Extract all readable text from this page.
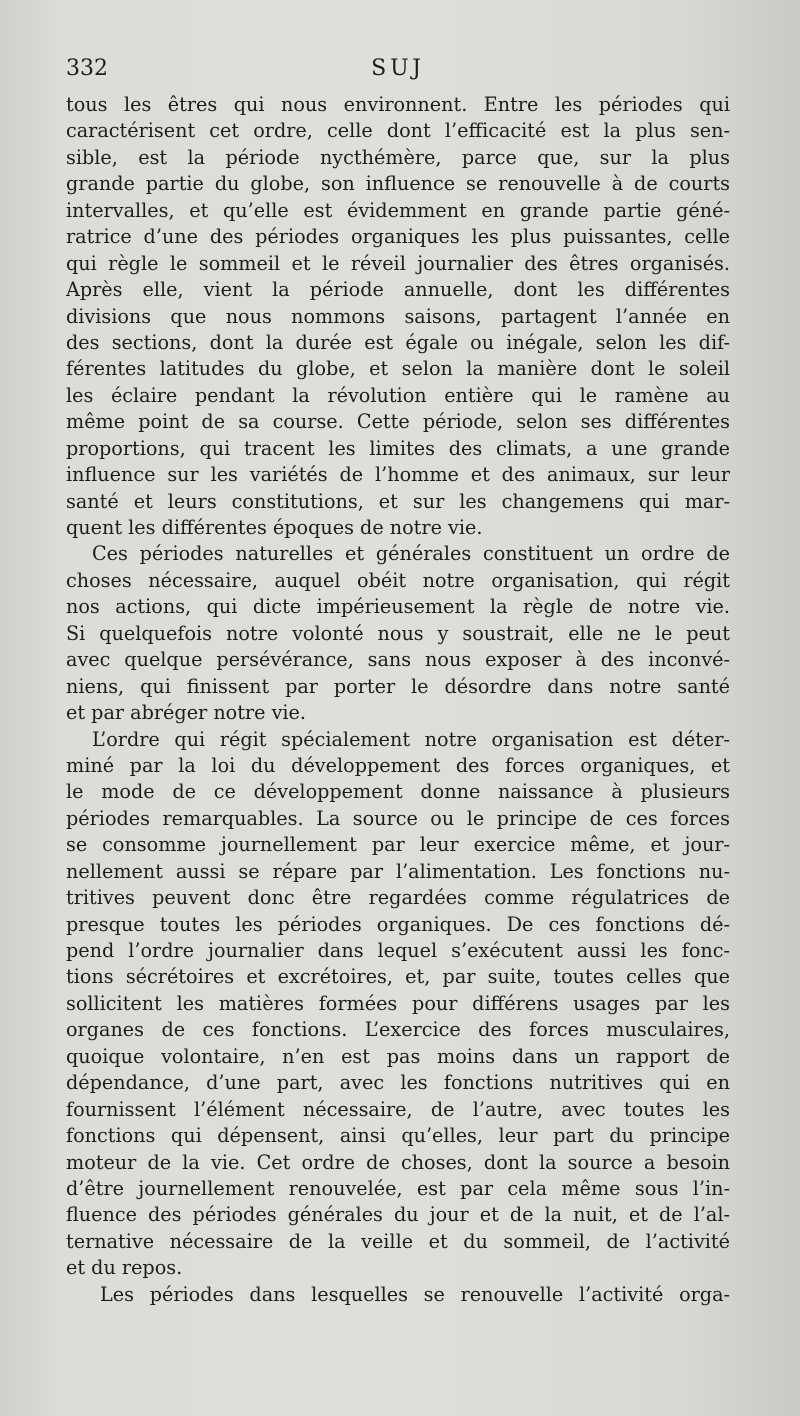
332	SUJ
tous les êtres qui nous environnent. Entre les périodes qui
caractérisent cet ordre, celle dont l’efficacité est la plus sen-
sible, est la période nycthémère, parce que, sur la plus
grande partie du globe, son influence se renouvelle à de courts
intervalles, et qu’elle est évidemment en grande partie géné-
ratrice d’une des périodes organiques les plus puissantes, celle
qui règle le sommeil et le réveil journalier des êtres organisés.
Après elle, vient la période annuelle, dont les différentes
divisions que nous nommons saisons, partagent l’année en
des sections, dont la durée est égale ou inégale, selon les dif-
férentes latitudes du globe, et selon la manière dont le soleil
les éclaire pendant la révolution entière qui le ramène au
même point de sa course. Cette période, selon ses différentes
proportions, qui tracent les limites des climats, a une grande
influence sur les variétés de l’homme et des animaux, sur leur
santé et leurs constitutions, et sur les changemens qui mar-
quent les différentes époques de notre vie.
Ces périodes naturelles et générales constituent un ordre de
choses nécessaire, auquel obéit notre organisation, qui régit
nos actions, qui dicte impérieusement la règle de notre vie.
Si quelquefois notre volonté nous y soustrait, elle ne le peut
avec quelque persévérance, sans nous exposer à des inconvé-
niens, qui finissent par porter le désordre dans notre santé
et par abréger notre vie.
L’ordre qui régit spécialement notre organisation est déter-
miné par la loi du développement des forces organiques, et
le mode de ce développement donne naissance à plusieurs
périodes remarquables. La source ou le principe de ces forces
se consomme journellement par leur exercice même, et jour-
nellement aussi se répare par l’alimentation. Les fonctions nu-
tritives peuvent donc être regardées comme régulatrices de
presque toutes les périodes organiques. De ces fonctions dé-
pend l’ordre journalier dans lequel s’exécutent aussi les fonc-
tions sécrétoires et excrétoires, et, par suite, toutes celles que
sollicitent les matières formées pour différens usages par les
organes de ces fonctions. L’exercice des forces musculaires,
quoique volontaire, n’en est pas moins dans un rapport de
dépendance, d’une part, avec les fonctions nutritives qui en
fournissent l’élément nécessaire, de l’autre, avec toutes les
fonctions qui dépensent, ainsi qu’elles, leur part du principe
moteur de la vie. Cet ordre de choses, dont la source a besoin
d’être journellement renouvelée, est par cela même sous l’in-
fluence des périodes générales du jour et de la nuit, et de l’al-
ternative nécessaire de la veille et du sommeil, de l’activité
et du repos.
Les périodes dans lesquelles se renouvelle l’activité orga-
